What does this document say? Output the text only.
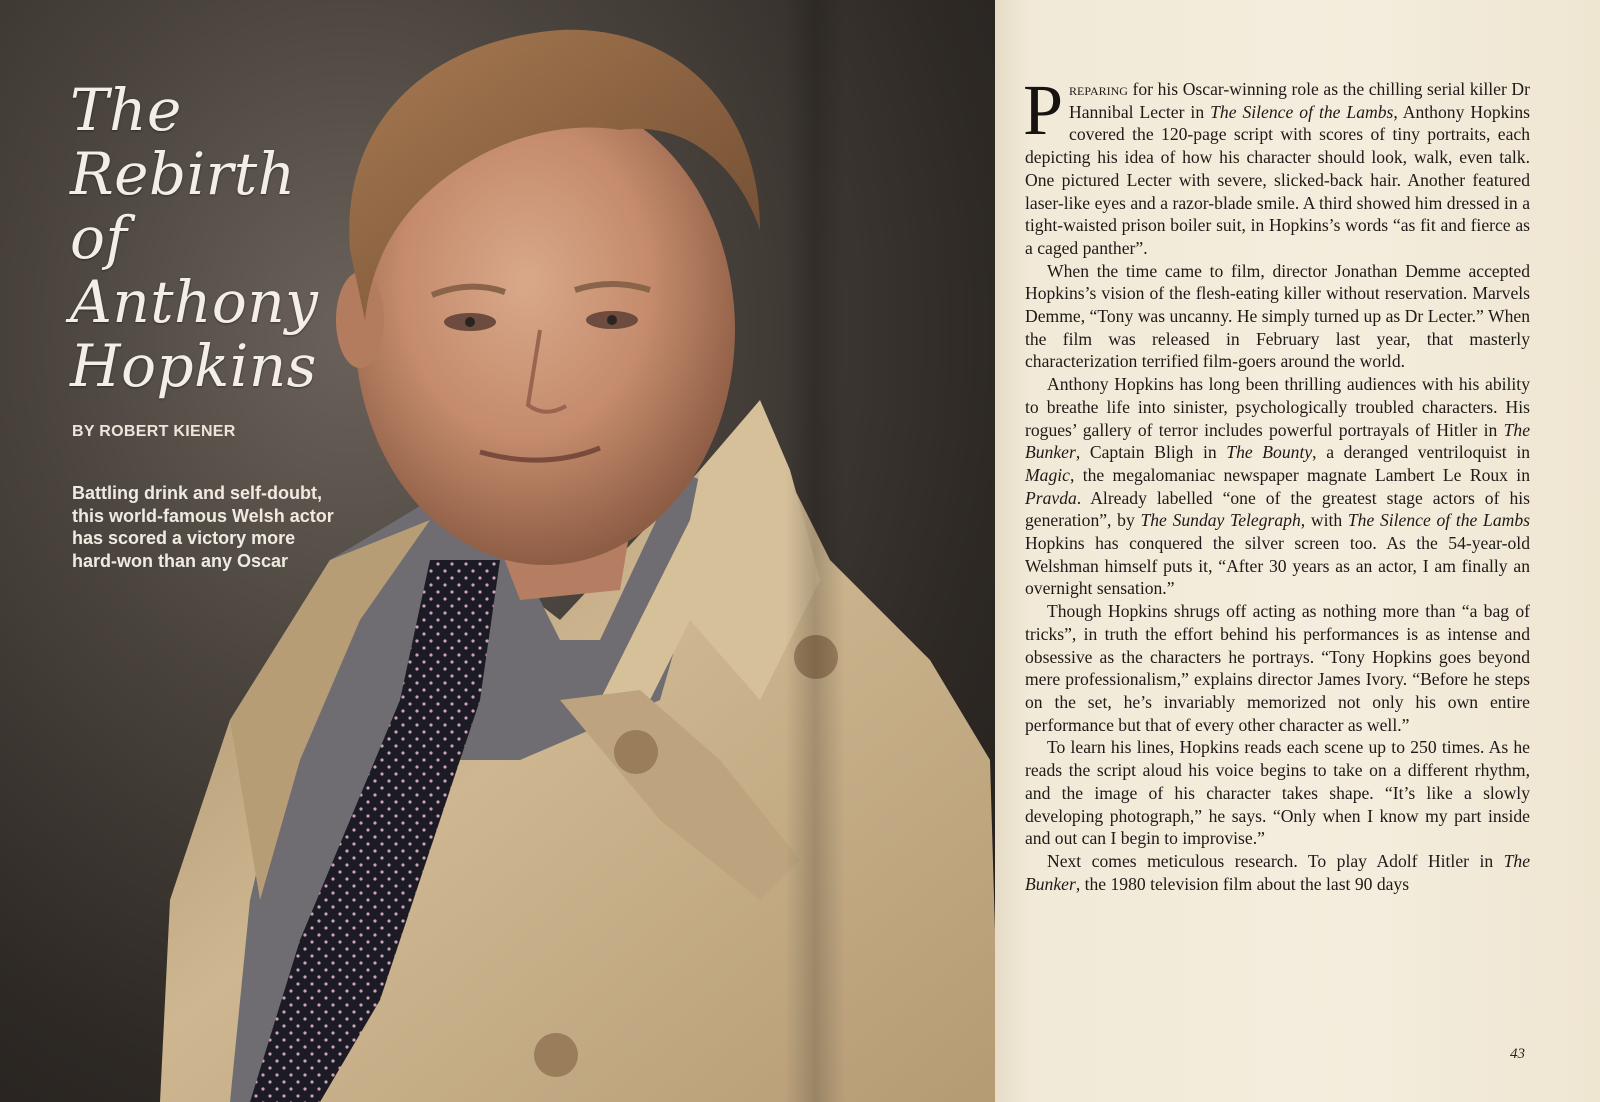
The
Rebirth
of
Anthony
Hopkins
BY ROBERT KIENER
Battling drink and self-doubt,
this world-famous Welsh actor
has scored a victory more
hard-won than any Oscar

Preparing for his Oscar-winning role as the chilling serial killer Dr Hannibal Lecter in The Silence of the Lambs, Anthony Hopkins covered the 120-page script with scores of tiny portraits, each depicting his idea of how his character should look, walk, even talk. One pictured Lecter with severe, slicked-back hair. Another featured laser-like eyes and a razor-blade smile. A third showed him dressed in a tight-waisted prison boiler suit, in Hopkins’s words “as fit and fierce as a caged panther”.

When the time came to film, director Jonathan Demme accepted Hopkins’s vision of the flesh-eating killer without reservation. Marvels Demme, “Tony was uncanny. He simply turned up as Dr Lecter.” When the film was released in February last year, that masterly characterization terrified film-goers around the world.

Anthony Hopkins has long been thrilling audiences with his ability to breathe life into sinister, psychologically troubled characters. His rogues’ gallery of terror includes powerful portrayals of Hitler in The Bunker, Captain Bligh in The Bounty, a deranged ventriloquist in Magic, the megalomaniac newspaper magnate Lambert Le Roux in Pravda. Already labelled “one of the greatest stage actors of his generation”, by The Sunday Telegraph, with The Silence of the Lambs Hopkins has conquered the silver screen too. As the 54-year-old Welshman himself puts it, “After 30 years as an actor, I am finally an overnight sensation.”

Though Hopkins shrugs off acting as nothing more than “a bag of tricks”, in truth the effort behind his performances is as intense and obsessive as the characters he portrays. “Tony Hopkins goes beyond mere professionalism,” explains director James Ivory. “Before he steps on the set, he’s invariably memorized not only his own entire performance but that of every other character as well.”

To learn his lines, Hopkins reads each scene up to 250 times. As he reads the script aloud his voice begins to take on a different rhythm, and the image of his character takes shape. “It’s like a slowly developing photograph,” he says. “Only when I know my part inside and out can I begin to improvise.”

Next comes meticulous research. To play Adolf Hitler in The Bunker, the 1980 television film about the last 90 days

43
